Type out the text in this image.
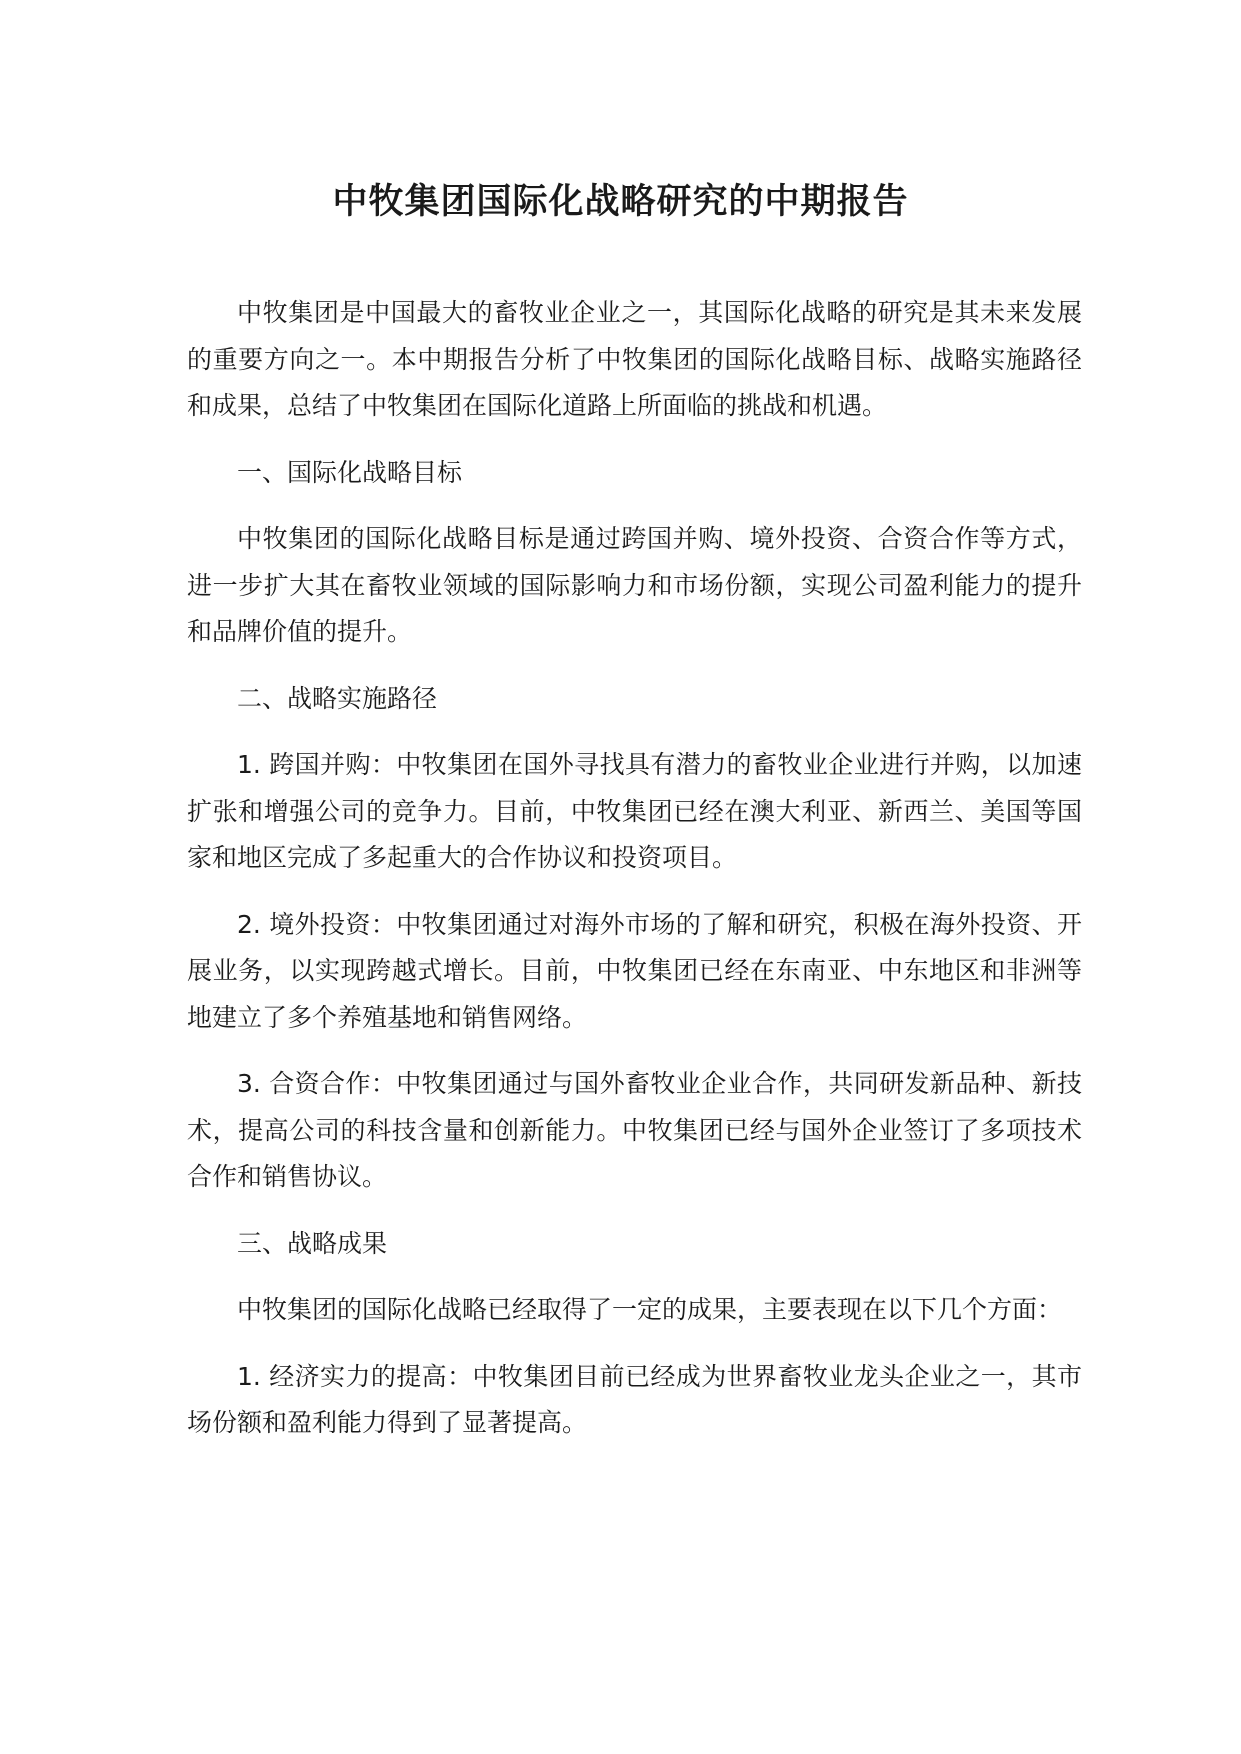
中牧集团国际化战略研究的中期报告

中牧集团是中国最大的畜牧业企业之一，其国际化战略的研究是其未来发展的重要方向之一。本中期报告分析了中牧集团的国际化战略目标、战略实施路径和成果，总结了中牧集团在国际化道路上所面临的挑战和机遇。

一、国际化战略目标

中牧集团的国际化战略目标是通过跨国并购、境外投资、合资合作等方式，进一步扩大其在畜牧业领域的国际影响力和市场份额，实现公司盈利能力的提升和品牌价值的提升。

二、战略实施路径

1. 跨国并购：中牧集团在国外寻找具有潜力的畜牧业企业进行并购，以加速扩张和增强公司的竞争力。目前，中牧集团已经在澳大利亚、新西兰、美国等国家和地区完成了多起重大的合作协议和投资项目。

2. 境外投资：中牧集团通过对海外市场的了解和研究，积极在海外投资、开展业务，以实现跨越式增长。目前，中牧集团已经在东南亚、中东地区和非洲等地建立了多个养殖基地和销售网络。

3. 合资合作：中牧集团通过与国外畜牧业企业合作，共同研发新品种、新技术，提高公司的科技含量和创新能力。中牧集团已经与国外企业签订了多项技术合作和销售协议。

三、战略成果

中牧集团的国际化战略已经取得了一定的成果，主要表现在以下几个方面：

1. 经济实力的提高：中牧集团目前已经成为世界畜牧业龙头企业之一，其市场份额和盈利能力得到了显著提高。
